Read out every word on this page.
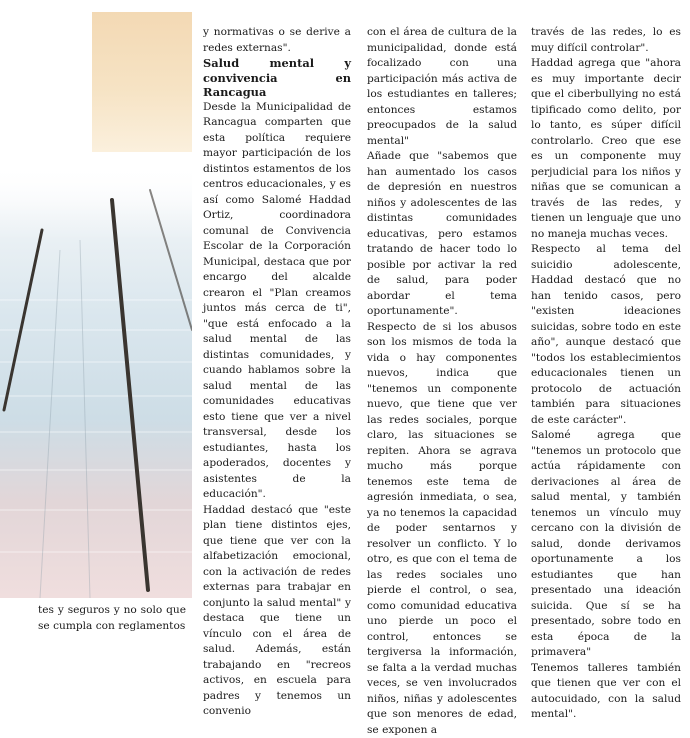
y normativas o se derive a redes externas".

Salud mental y convivencia en Rancagua

Desde la Municipalidad de Rancagua comparten que esta política requiere mayor participación de los distintos estamentos de los centros educacionales, y es así como Salomé Haddad Ortiz, coordinadora comunal de Convivencia Escolar de la Corporación Municipal, destaca que por encargo del alcalde crearon el "Plan creamos juntos más cerca de ti", "que está enfocado a la salud mental de las distintas comunidades, y cuando hablamos sobre la salud mental de las comunidades educativas esto tiene que ver a nivel transversal, desde los estudiantes, hasta los apoderados, docentes y asistentes de la educación".

Haddad destacó que "este plan tiene distintos ejes, que tiene que ver con la alfabetización emocional, con la activación de redes externas para trabajar en conjunto la salud mental" y destaca que tiene un vínculo con el área de salud. Además, están trabajando en "recreos activos, en escuela para padres y tenemos un convenio

con el área de cultura de la municipalidad, donde está focalizado con una participación más activa de los estudiantes en talleres; entonces estamos preocupados de la salud mental"

Añade que "sabemos que han aumentado los casos de depresión en nuestros niños y adolescentes de las distintas comunidades educativas, pero estamos tratando de hacer todo lo posible por activar la red de salud, para poder abordar el tema oportunamente".

Respecto de si los abusos son los mismos de toda la vida o hay componentes nuevos, indica que "tenemos un componente nuevo, que tiene que ver las redes sociales, porque claro, las situaciones se repiten. Ahora se agrava mucho más porque tenemos este tema de agresión inmediata, o sea, ya no tenemos la capacidad de poder sentarnos y resolver un conflicto. Y lo otro, es que con el tema de las redes sociales uno pierde el control, o sea, como comunidad educativa uno pierde un poco el control, entonces se tergiversa la información, se falta a la verdad muchas veces, se ven involucrados niños, niñas y adolescentes que son menores de edad, se exponen a

través de las redes, lo es muy difícil controlar".

Haddad agrega que "ahora es muy importante decir que el ciberbullying no está tipificado como delito, por lo tanto, es súper difícil controlarlo. Creo que ese es un componente muy perjudicial para los niños y niñas que se comunican a través de las redes, y tienen un lenguaje que uno no maneja muchas veces.

Respecto al tema del suicidio adolescente, Haddad destacó que no han tenido casos, pero "existen ideaciones suicidas, sobre todo en este año", aunque destacó que "todos los establecimientos educacionales tienen un protocolo de actuación también para situaciones de este carácter".

Salomé agrega que "tenemos un protocolo que actúa rápidamente con derivaciones al área de salud mental, y también tenemos un vínculo muy cercano con la división de salud, donde derivamos oportunamente a los estudiantes que han presentado una ideación suicida. Que sí se ha presentado, sobre todo en esta época de la primavera"

Tenemos talleres también que tienen que ver con el autocuidado, con la salud mental".

tes y seguros y no solo que se cumpla con reglamentos
